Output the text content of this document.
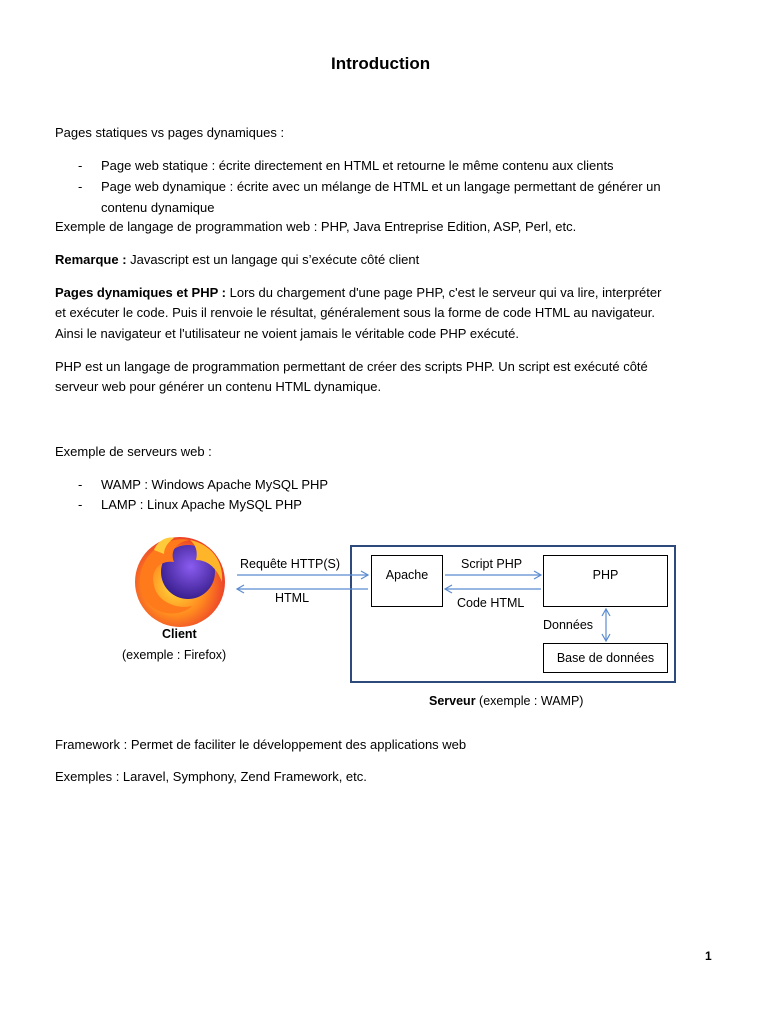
Introduction
Pages statiques vs pages dynamiques :
- Page web statique : écrite directement en HTML et retourne le même contenu aux clients
- Page web dynamique : écrite avec un mélange de HTML et un langage permettant de générer un
contenu dynamique
Exemple de langage de programmation web : PHP, Java Entreprise Edition, ASP, Perl, etc.
Remarque : Javascript est un langage qui s’exécute côté client
Pages dynamiques et PHP : Lors du chargement d'une page PHP, c'est le serveur qui va lire, interpréter
et exécuter le code. Puis il renvoie le résultat, généralement sous la forme de code HTML au navigateur.
Ainsi le navigateur et l'utilisateur ne voient jamais le véritable code PHP exécuté.
PHP est un langage de programmation permettant de créer des scripts PHP. Un script est exécuté côté
serveur web pour générer un contenu HTML dynamique.
Exemple de serveurs web :
- WAMP : Windows Apache MySQL PHP
- LAMP : Linux Apache MySQL PHP
Client
(exemple : Firefox)
Requête HTTP(S)
HTML
Apache	PHP
Base de données
Script PHP
Code HTML
Données
Serveur (exemple : WAMP)
Framework : Permet de faciliter le développement des applications web
Exemples : Laravel, Symphony, Zend Framework, etc.
1
